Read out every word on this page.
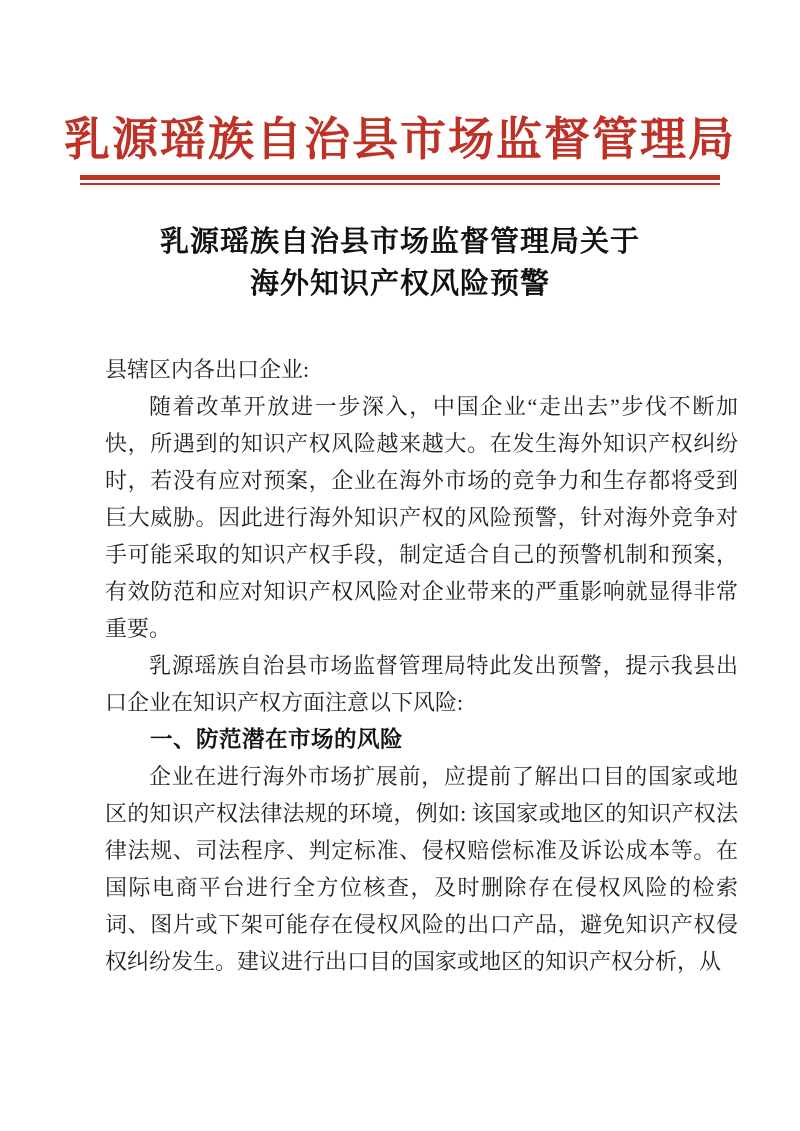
乳源瑶族自治县市场监督管理局
乳源瑶族自治县市场监督管理局关于
海外知识产权风险预警

县辖区内各出口企业:

随着改革开放进一步深入，中国企业“走出去”步伐不断加快，所遇到的知识产权风险越来越大。在发生海外知识产权纠纷时，若没有应对预案，企业在海外市场的竞争力和生存都将受到巨大威胁。因此进行海外知识产权的风险预警，针对海外竞争对手可能采取的知识产权手段，制定适合自己的预警机制和预案，有效防范和应对知识产权风险对企业带来的严重影响就显得非常重要。

乳源瑶族自治县市场监督管理局特此发出预警，提示我县出口企业在知识产权方面注意以下风险:

一、防范潜在市场的风险

企业在进行海外市场扩展前，应提前了解出口目的国家或地区的知识产权法律法规的环境，例如: 该国家或地区的知识产权法律法规、司法程序、判定标准、侵权赔偿标准及诉讼成本等。在国际电商平台进行全方位核查，及时删除存在侵权风险的检索词、图片或下架可能存在侵权风险的出口产品，避免知识产权侵权纠纷发生。建议进行出口目的国家或地区的知识产权分析，从
